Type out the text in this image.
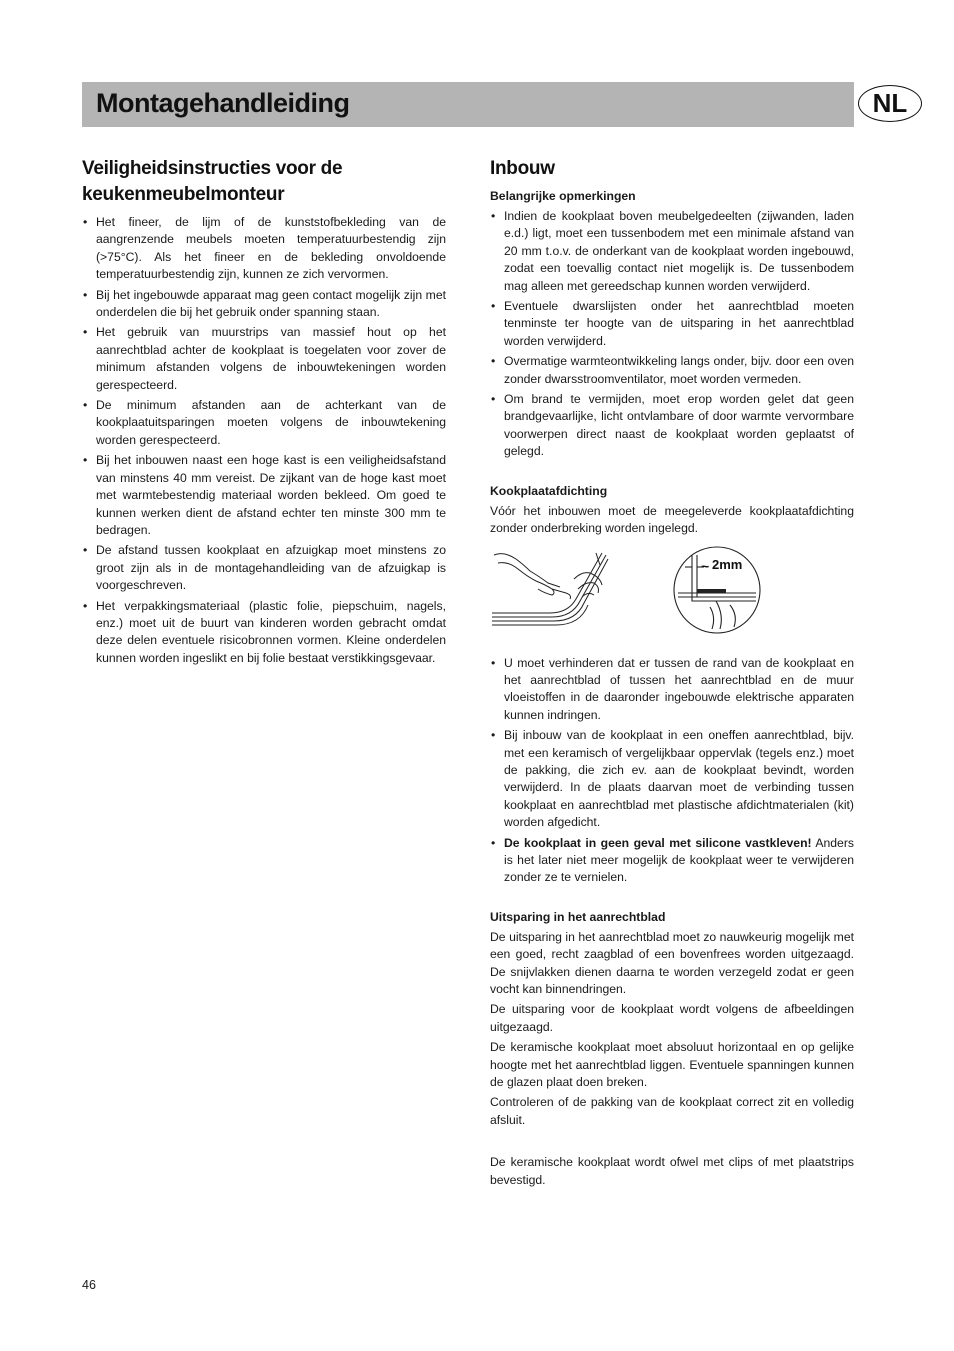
Montagehandleiding	NL
Veiligheidsinstructies voor de keukenmeubelmonteur
• Het fineer, de lijm of de kunststofbekleding van de aangrenzende meubels moeten temperatuurbestendig zijn (>75°C). Als het fineer en de bekleding onvoldoende temperatuurbestendig zijn, kunnen ze zich vervormen.
• Bij het ingebouwde apparaat mag geen contact mogelijk zijn met onderdelen die bij het gebruik onder spanning staan.
• Het gebruik van muurstrips van massief hout op het aanrechtblad achter de kookplaat is toegelaten voor zover de minimum afstanden volgens de inbouwtekeningen worden gerespecteerd.
• De minimum afstanden aan de achterkant van de kookplaatuitsparingen moeten volgens de inbouwtekening worden gerespecteerd.
• Bij het inbouwen naast een hoge kast is een veiligheidsafstand van minstens 40 mm vereist. De zijkant van de hoge kast moet met warmtebestendig materiaal worden bekleed. Om goed te kunnen werken dient de afstand echter ten minste 300 mm te bedragen.
• De afstand tussen kookplaat en afzuigkap moet minstens zo groot zijn als in de montagehandleiding van de afzuigkap is voorgeschreven.
• Het verpakkingsmateriaal (plastic folie, piepschuim, nagels, enz.) moet uit de buurt van kinderen worden gebracht omdat deze delen eventuele risicobronnen vormen. Kleine onderdelen kunnen worden ingeslikt en bij folie bestaat verstikkingsgevaar.
Inbouw
Belangrijke opmerkingen
• Indien de kookplaat boven meubelgedeelten (zijwanden, laden e.d.) ligt, moet een tussenbodem met een minimale afstand van 20 mm t.o.v. de onderkant van de kookplaat worden ingebouwd, zodat een toevallig contact niet mogelijk is. De tussenbodem mag alleen met gereedschap kunnen worden verwijderd.
• Eventuele dwarslijsten onder het aanrechtblad moeten tenminste ter hoogte van de uitsparing in het aanrechtblad worden verwijderd.
• Overmatige warmteontwikkeling langs onder, bijv. door een oven zonder dwarsstroomventilator, moet worden vermeden.
• Om brand te vermijden, moet erop worden gelet dat geen brandgevaarlijke, licht ontvlambare of door warmte vervormbare voorwerpen direct naast de kookplaat worden geplaatst of gelegd.
Kookplaatafdichting

Vóór het inbouwen moet de meegeleverde kookplaatafdichting zonder onderbreking worden ingelegd.

2mm
~
• U moet verhinderen dat er tussen de rand van de kookplaat en het aanrechtblad of tussen het aanrechtblad en de muur vloeistoffen in de daaronder ingebouwde elektrische apparaten kunnen indringen.
• Bij inbouw van de kookplaat in een oneffen aanrechtblad, bijv. met een keramisch of vergelijkbaar oppervlak (tegels enz.) moet de pakking, die zich ev. aan de kookplaat bevindt, worden verwijderd. In de plaats daarvan moet de verbinding tussen kookplaat en aanrechtblad met plastische afdichtmaterialen (kit) worden afgedicht.
• De kookplaat in geen geval met silicone vastkleven! Anders is het later niet meer mogelijk de kookplaat weer te verwijderen zonder ze te vernielen.
Uitsparing in het aanrechtblad

De uitsparing in het aanrechtblad moet zo nauwkeurig mogelijk met een goed, recht zaagblad of een bovenfrees worden uitgezaagd. De snijvlakken dienen daarna te worden verzegeld zodat er geen vocht kan binnendringen.

De uitsparing voor de kookplaat wordt volgens de afbeeldingen uitgezaagd.

De keramische kookplaat moet absoluut horizontaal en op gelijke hoogte met het aanrechtblad liggen. Eventuele spanningen kunnen de glazen plaat doen breken.

Controleren of de pakking van de kookplaat correct zit en volledig afsluit.

De keramische kookplaat wordt ofwel met clips of met plaatstrips bevestigd.

46
